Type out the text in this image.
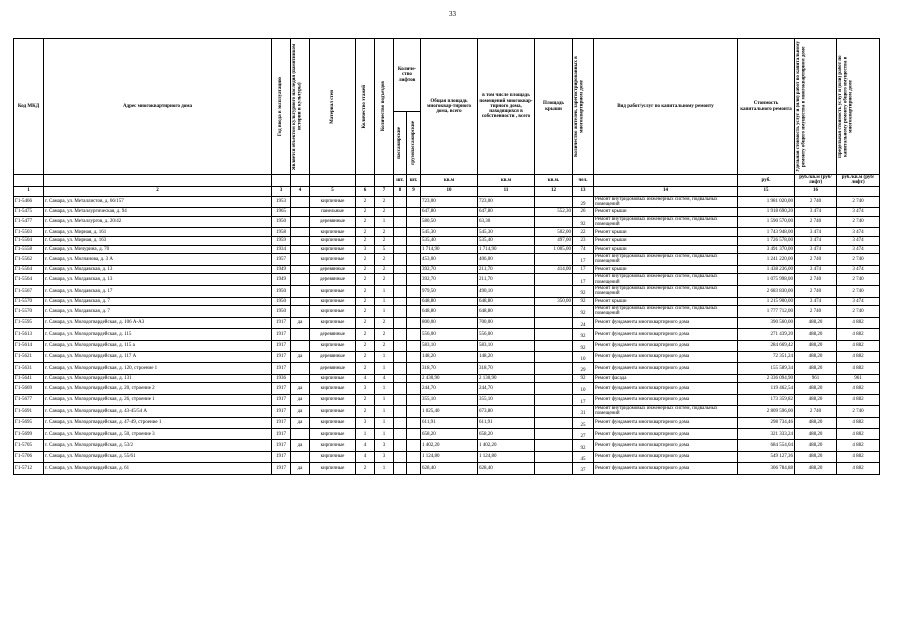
33
Код МКД	Адрес многоквартирного дома	Год ввода в эксплуатацию	Является объектом культурного наследия (памятником истории и культуры)	Материал стен	Количество этажей	Количество подъездов	Количе-ство лифтов		Общая площадь многоквар-тирного дома, всего	в том числе площадь помещений многоквар-тирного дома, находящихся в собственности , всего	Площадь крыши	Количество жителей, зарегистрированных в многоквартирном доме	Вид работ/услуг по капитальному ремонту	Стоимость капитального ремонта	Удельная стоимость услуг и (или) работ по капитальному ремонту общего имущества в многоквартирном доме	Предельная стоимость услуг и (или) работ по капитальному ремонту общего имущества в многоквартирном доме

							пассажирские	грузопассажирские								

							шт.	шт.	кв.м	кв.м	кв.м.	чел.		руб.	руб./кв.м (руб/лифт)	руб./кв.м (руб/лифт)
1	2	3	4	5	6	7	8	9	10	11	12	13	14	15	16	
Г1-5466	г. Самара, ул. Металлистов, д. 66/157	1953		кирпичные	2	2			723,00	723,00		29	Ремонт внутридомовых инженерных систем, подвальных помещений	1 981 020,00	2 740	2 740
Г1-5475	г. Самара, ул. Металлургическая, д. 94	1965		панельные	2	2			647,80	647,80	552,30	26	Ремонт крыши	1 918 690,20	3 474	3 474
Г1-5477	г. Самара, ул. Металлургов, д. 20/42	1950		деревянные	2	1			580,50	63,30		92	Ремонт внутридомовых инженерных систем, подвальных помещений	1 590 570,00	2 740	2 740
Г1-5503	г. Самара, ул. Мирная, д. 161	1958		кирпичные	2	2			545,30	545,30	502,00	22	Ремонт крыши	1 743 948,00	3 474	3 474
Г1-5504	г. Самара, ул. Мирная, д. 163	1959		кирпичные	2	2			535,40	535,40	497,00	23	Ремонт крыши	1 726 578,00	3 474	3 474
Г1-5558	г. Самара, ул. Мичурина, д. 70	1934		кирпичные	3	5			1 714,90	1 714,90	1 005,00	74	Ремонт крыши	3 491 370,00	3 474	3 474
Г1-5562	г. Самара, ул. Молчанова, д. 3 А	1957		кирпичные	2	2			453,00	406,00		17	Ремонт внутридомовых инженерных систем, подвальных помещений	1 241 220,00	2 740	2 740
Г1-5564	г. Самара, ул. Молдавская, д. 13	1949		деревянные	2	2			392,70	211,70	414,00	17	Ремонт крыши	1 438 236,00	3 474	3 474
Г1-5564	г. Самара, ул. Молдавская, д. 13	1949		деревянные	2	2			392,70	211,70		17	Ремонт внутридомовых инженерных систем, подвальных помещений	1 075 998,00	2 740	2 740
Г1-5567	г. Самара, ул. Молдавская, д. 17	1950		кирпичные	2	1			979,50	490,10		92	Ремонт внутридомовых инженерных систем, подвальных помещений	2 683 830,00	2 740	2 740
Г1-5570	г. Самара, ул. Молдавская, д. 7	1950		кирпичные	2	1			648,80	648,80	350,00	92	Ремонт крыши	1 215 900,00	3 474	3 474
Г1-5570	г. Самара, ул. Молдавская, д. 7	1950		кирпичные	2	1			648,80	648,80		92	Ремонт внутридомовых инженерных систем, подвальных помещений	1 777 712,00	2 740	2 740
Г1-5595	г. Самара, ул. Молодогвардейская, д. 106 А-А3	1917	да	кирпичные	2	2			800,00	700,00		24	Ремонт фундамента многоквартирного дома	390 560,00	488,20	4 882
Г1-5613	г. Самара, ул. Молодогвардейская, д. 115	1917		деревянные	2	2			556,00	556,00		92	Ремонт фундамента многоквартирного дома	271 439,20	488,20	4 882
Г1-5614	г. Самара, ул. Молодогвардейская, д. 115 а	1917		кирпичные	2	2			583,10	583,10		92	Ремонт фундамента многоквартирного дома	284 669,42	488,20	4 882
Г1-5621	г. Самара, ул. Молодогвардейская, д. 117 А	1917	да	деревянные	2	1			148,20	148,20		10	Ремонт фундамента многоквартирного дома	72 351,24	488,20	4 882
Г1-5631	г. Самара, ул. Молодогвардейская, д. 120, строение 1	1917		деревянные	2	1			318,70	318,70		29	Ремонт фундамента многоквартирного дома	155 589,34	488,20	4 882
Г1-5641	г. Самара, ул. Молодогвардейская, д. 131	1936		кирпичные	4	4			2 430,90	2 130,90		92	Ремонт фасада	2 336 094,90	961	961
Г1-5669	г. Самара, ул. Молодогвардейская, д. 20, строение 2	1917	да	кирпичные	3	1			244,70	244,70		10	Ремонт фундамента многоквартирного дома	119 462,54	488,20	4 882
Г1-5677	г. Самара, ул. Молодогвардейская, д. 26, строение 1	1917	да	кирпичные	2	1			355,10	355,10		17	Ремонт фундамента многоквартирного дома	173 359,82	488,20	4 882
Г1-5691	г. Самара, ул. Молодогвардейская, д. 43-45/54 А	1917	да	кирпичные	2	1			1 025,40	673,80		31	Ремонт внутридомовых инженерных систем, подвальных помещений	2 809 596,00	2 740	2 740
Г1-5695	г. Самара, ул. Молодогвардейская, д. 47-49, строение 1	1917	да	кирпичные	3	1			611,91	611,91		25	Ремонт фундамента многоквартирного дома	298 734,46	488,20	4 882
Г1-5699	г. Самара, ул. Молодогвардейская, д. 50, строение 3	1917		кирпичные	1	1			658,20	658,20		27	Ремонт фундамента многоквартирного дома	321 333,24	488,20	4 882
Г1-5705	г. Самара, ул. Молодогвардейская, д. 53/2	1917	да	кирпичные	4	3			1 402,20	1 402,20		92	Ремонт фундамента многоквартирного дома	684 554,04	488,20	4 882
Г1-5706	г. Самара, ул. Молодогвардейская, д. 55/61	1917		кирпичные	4	3			1 124,80	1 124,80		45	Ремонт фундамента многоквартирного дома	549 127,36	488,20	4 882
Г1-5712	г. Самара, ул. Молодогвардейская, д. 61	1917	да	кирпичные	2	1			628,40	628,40		37	Ремонт фундамента многоквартирного дома	306 784,88	488,20	4 882
